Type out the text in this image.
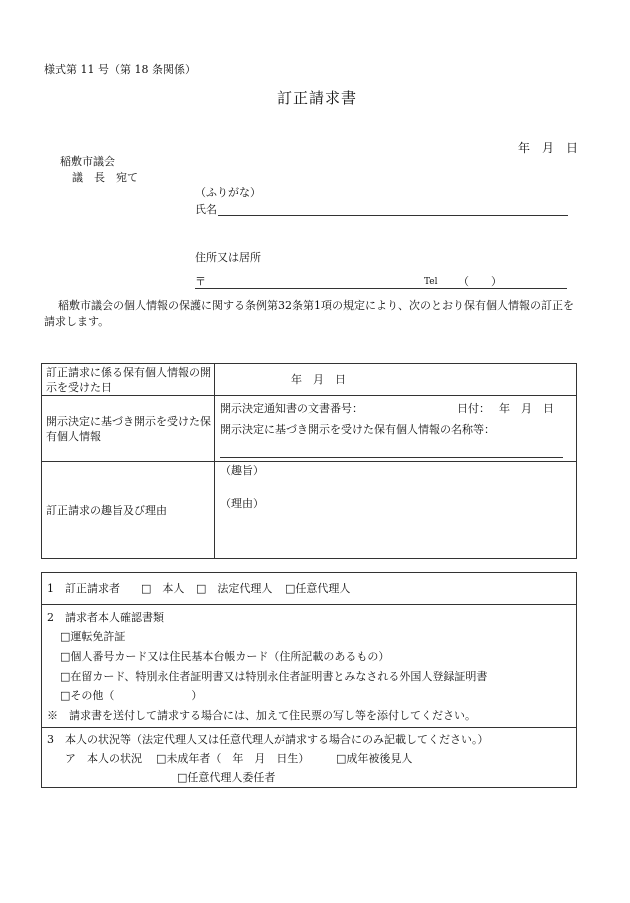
様式第 11 号（第 18 条関係）
訂正請求書
年　月　日
稲敷市議会
議　長　宛て
（ふりがな）
氏名
住所又は居所
〒	Tel （　　）
稲敷市議会の個人情報の保護に関する条例第32条第1項の規定により、次のとおり保有個人情報の訂正を請求します。
訂正請求に係る保有個人情報の開示を受けた日
年　月　日
開示決定に基づき開示を受けた保有個人情報
開示決定通知書の文書番号：	日付： 年　月　日
開示決定に基づき開示を受けた保有個人情報の名称等：
訂正請求の趣旨及び理由
（趣旨）
（理由）
1　訂正請求者 □　本人 □　法定代理人 □任意代理人
2　請求者本人確認書類
□運転免許証
□個人番号カード又は住民基本台帳カード（住所記載のあるもの）
□在留カード、特別永住者証明書又は特別永住者証明書とみなされる外国人登録証明書
□その他（　　　　　　　）
※　請求書を送付して請求する場合には、加えて住民票の写し等を添付してください。
3　本人の状況等（法定代理人又は任意代理人が請求する場合にのみ記載してください。）
ア　本人の状況 □未成年者（　年　月　日生） □成年被後見人
□任意代理人委任者
